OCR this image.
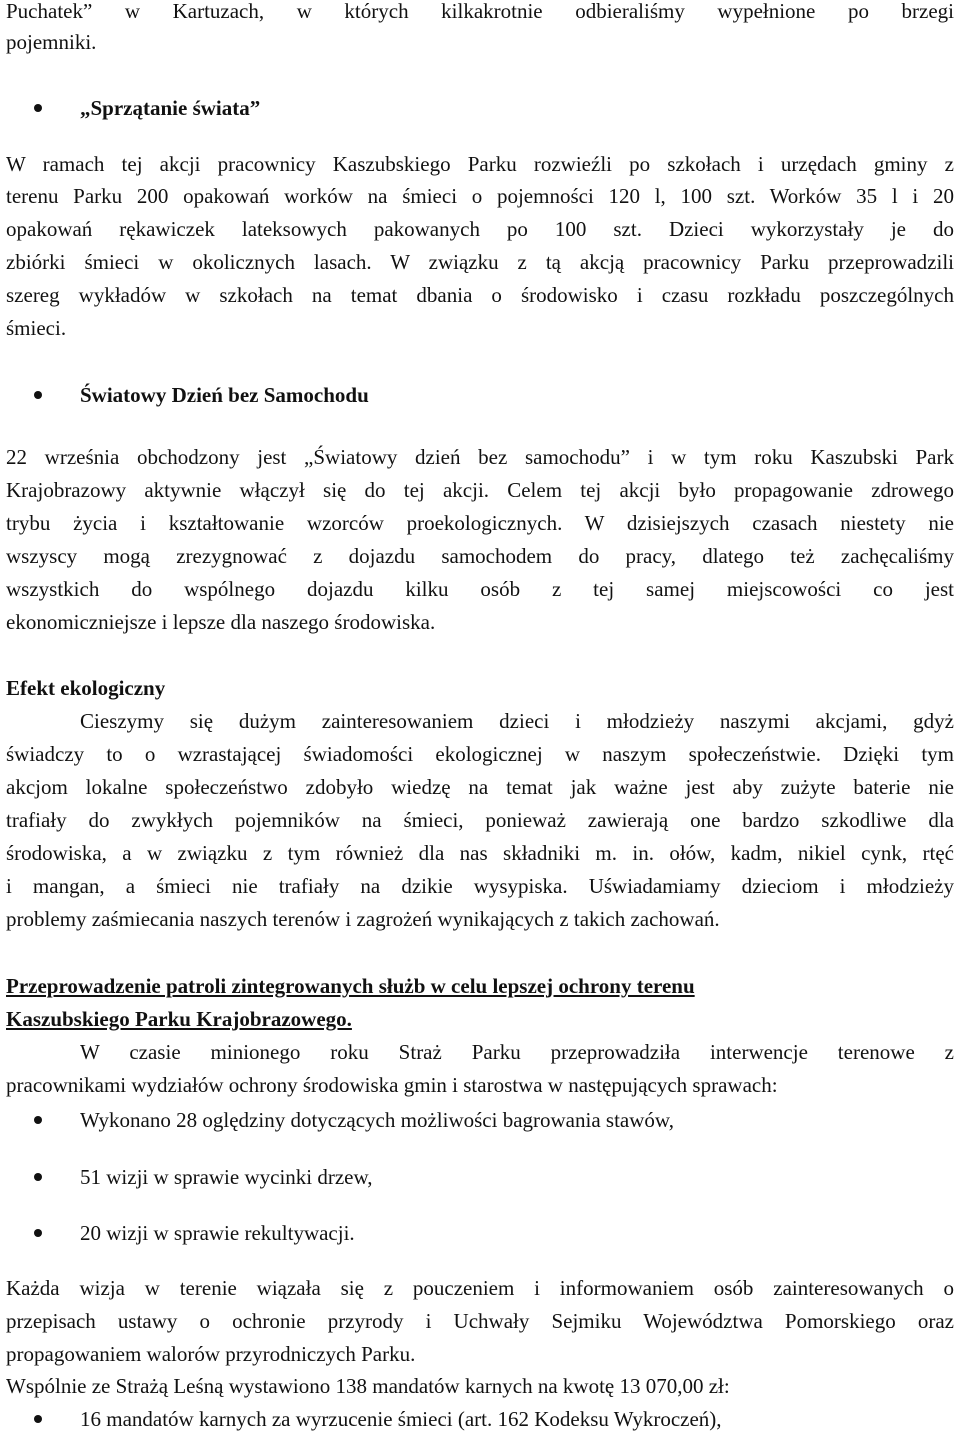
Puchatek” w Kartuzach, w których kilkakrotnie odbieraliśmy wypełnione po brzegi
pojemniki.
„Sprzątanie świata”
W ramach tej akcji pracownicy Kaszubskiego Parku rozwieźli po szkołach i urzędach gminy z
terenu Parku 200 opakowań worków na śmieci o pojemności 120 l, 100 szt. Worków 35 l i 20
opakowań rękawiczek lateksowych pakowanych po 100 szt. Dzieci wykorzystały je do
zbiórki śmieci w okolicznych lasach. W związku z tą akcją pracownicy Parku przeprowadzili
szereg wykładów w szkołach na temat dbania o środowisko i czasu rozkładu poszczególnych
śmieci.
Światowy Dzień bez Samochodu
22 września obchodzony jest „Światowy dzień bez samochodu” i w tym roku Kaszubski Park
Krajobrazowy aktywnie włączył się do tej akcji. Celem tej akcji było propagowanie zdrowego
trybu życia i kształtowanie wzorców proekologicznych. W dzisiejszych czasach niestety nie
wszyscy mogą zrezygnować z dojazdu samochodem do pracy, dlatego też zachęcaliśmy
wszystkich do wspólnego dojazdu kilku osób z tej samej miejscowości co jest
ekonomiczniejsze i lepsze dla naszego środowiska.
Efekt ekologiczny
Cieszymy się dużym zainteresowaniem dzieci i młodzieży naszymi akcjami, gdyż
świadczy to o wzrastającej świadomości ekologicznej w naszym społeczeństwie. Dzięki tym
akcjom lokalne społeczeństwo zdobyło wiedzę na temat jak ważne jest aby zużyte baterie nie
trafiały do zwykłych pojemników na śmieci, ponieważ zawierają one bardzo szkodliwe dla
środowiska, a w związku z tym również dla nas składniki m. in. ołów, kadm, nikiel cynk, rtęć
i mangan, a śmieci nie trafiały na dzikie wysypiska. Uświadamiamy dzieciom i młodzieży
problemy zaśmiecania naszych terenów i zagrożeń wynikających z takich zachowań.
Przeprowadzenie patroli zintegrowanych służb w celu lepszej ochrony terenu
Kaszubskiego Parku Krajobrazowego.
W czasie minionego roku Straż Parku przeprowadziła interwencje terenowe z
pracownikami wydziałów ochrony środowiska gmin i starostwa w następujących sprawach:
Wykonano 28 oględziny dotyczących możliwości bagrowania stawów,
51 wizji w sprawie wycinki drzew,
20 wizji w sprawie rekultywacji.
Każda wizja w terenie wiązała się z pouczeniem i informowaniem osób zainteresowanych o
przepisach ustawy o ochronie przyrody i Uchwały Sejmiku Województwa Pomorskiego oraz
propagowaniem walorów przyrodniczych Parku.
Wspólnie ze Strażą Leśną wystawiono 138 mandatów karnych na kwotę 13 070,00 zł:
16 mandatów karnych za wyrzucenie śmieci (art. 162 Kodeksu Wykroczeń),
